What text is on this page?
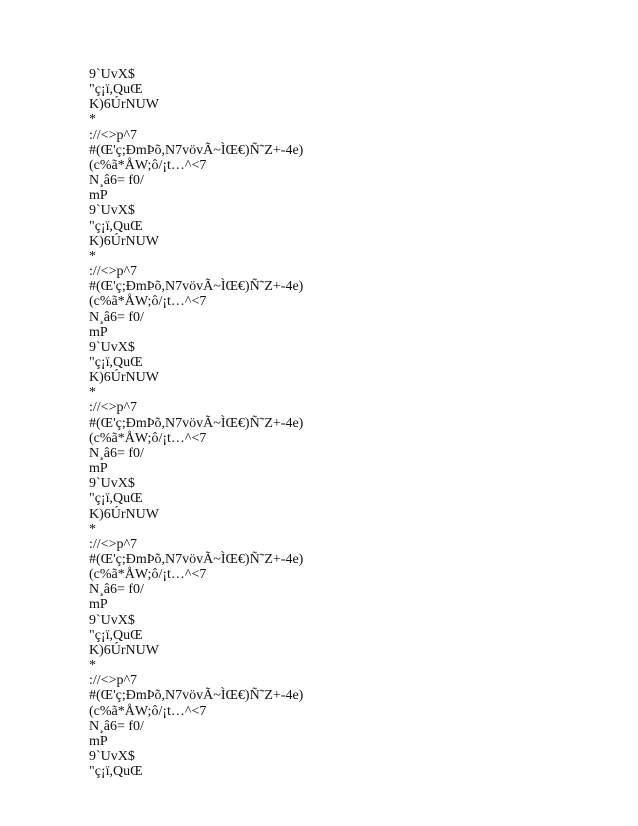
9`UvX$
"ç¡ï,QuŒ
K)6ÚrNUW
*
://<>p^7
#(Œ'ç;ÐmÞõ,N7vövÃ~ÌŒ€)Ñ˜Z+-4e)
(c%ã*ÅW;ô/¡t…^<7
N¸â6= f0/
mP
9`UvX$
"ç¡ï,QuŒ
K)6ÚrNUW
*
://<>p^7
#(Œ'ç;ÐmÞõ,N7vövÃ~ÌŒ€)Ñ˜Z+-4e)
(c%ã*ÅW;ô/¡t…^<7
N¸â6= f0/
mP
9`UvX$
"ç¡ï,QuŒ
K)6ÚrNUW
*
://<>p^7
#(Œ'ç;ÐmÞõ,N7vövÃ~ÌŒ€)Ñ˜Z+-4e)
(c%ã*ÅW;ô/¡t…^<7
N¸â6= f0/
mP
9`UvX$
"ç¡ï,QuŒ
K)6ÚrNUW
*
://<>p^7
#(Œ'ç;ÐmÞõ,N7vövÃ~ÌŒ€)Ñ˜Z+-4e)
(c%ã*ÅW;ô/¡t…^<7
N¸â6= f0/
mP
9`UvX$
"ç¡ï,QuŒ
K)6ÚrNUW
*
://<>p^7
#(Œ'ç;ÐmÞõ,N7vövÃ~ÌŒ€)Ñ˜Z+-4e)
(c%ã*ÅW;ô/¡t…^<7
N¸â6= f0/
mP
9`UvX$
"ç¡ï,QuŒ
